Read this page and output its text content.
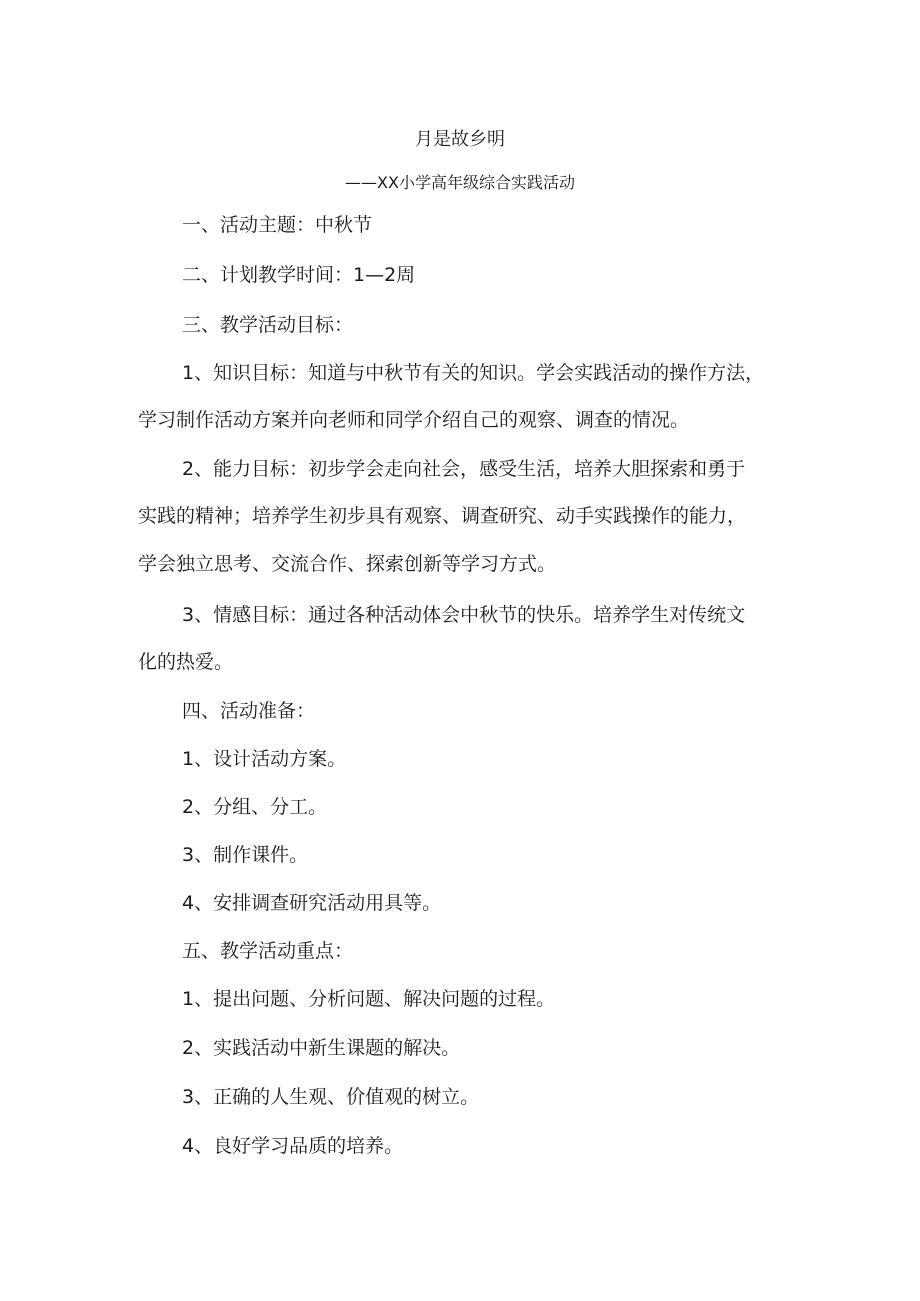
月是故乡明
——XX小学高年级综合实践活动
一、活动主题：中秋节
二、计划教学时间：1—2周
三、教学活动目标：
1、知识目标：知道与中秋节有关的知识。学会实践活动的操作方法，
学习制作活动方案并向老师和同学介绍自己的观察、调查的情况。
2、能力目标：初步学会走向社会，感受生活，培养大胆探索和勇于
实践的精神；培养学生初步具有观察、调查研究、动手实践操作的能力，
学会独立思考、交流合作、探索创新等学习方式。
3、情感目标：通过各种活动体会中秋节的快乐。培养学生对传统文
化的热爱。
四、活动准备：
1、设计活动方案。
2、分组、分工。
3、制作课件。
4、安排调查研究活动用具等。
五、教学活动重点：
1、提出问题、分析问题、解决问题的过程。
2、实践活动中新生课题的解决。
3、正确的人生观、价值观的树立。
4、良好学习品质的培养。
